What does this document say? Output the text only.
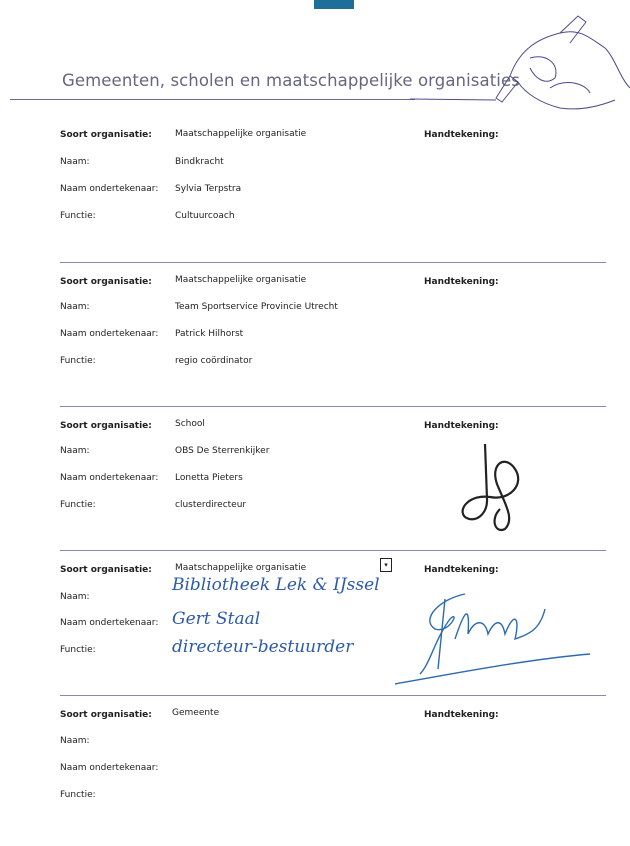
Gemeenten, scholen en maatschappelijke organisaties
Soort organisatie:	Maatschappelijke organisatie	Handtekening:
Naam:	Bindkracht
Naam ondertekenaar: Sylvia Terpstra
Functie:	Cultuurcoach
Soort organisatie:	Maatschappelijke organisatie	Handtekening:
Naam:	Team Sportservice Provincie Utrecht
Naam ondertekenaar: Patrick Hilhorst
Functie:	regio coördinator
Soort organisatie:	School	Handtekening:
Naam:	OBS De Sterrenkijker
Naam ondertekenaar: Lonetta Pieters
Functie:	clusterdirecteur
Soort organisatie:	Maatschappelijke organisatie	▾	Handtekening:
Naam:
Bibliotheek Lek & IJssel
Naam ondertekenaar: Gert Staal
Functie:	directeur-bestuurder
Soort organisatie: Gemeente	Handtekening:
Naam:
Naam ondertekenaar:
Functie:
